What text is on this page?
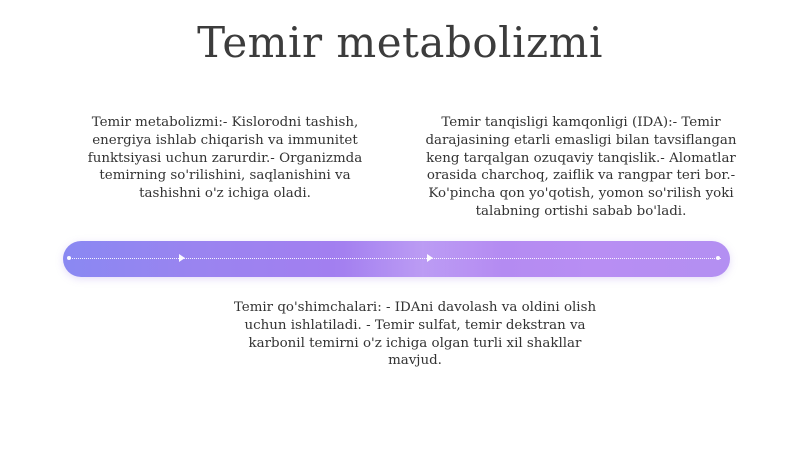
Temir metabolizmi
Temir metabolizmi:- Kislorodni tashish, energiya ishlab chiqarish va immunitet funktsiyasi uchun zarurdir.- Organizmda temirning so'rilishini, saqlanishini va tashishni o'z ichiga oladi.
Temir tanqisligi kamqonligi (IDA):- Temir darajasining etarli emasligi bilan tavsiflangan keng tarqalgan ozuqaviy tanqislik.- Alomatlar orasida charchoq, zaiflik va rangpar teri bor.- Ko'pincha qon yo'qotish, yomon so'rilish yoki talabning ortishi sabab bo'ladi.
Temir qo'shimchalari: - IDAni davolash va oldini olish uchun ishlatiladi. - Temir sulfat, temir dekstran va karbonil temirni o'z ichiga olgan turli xil shakllar mavjud.
